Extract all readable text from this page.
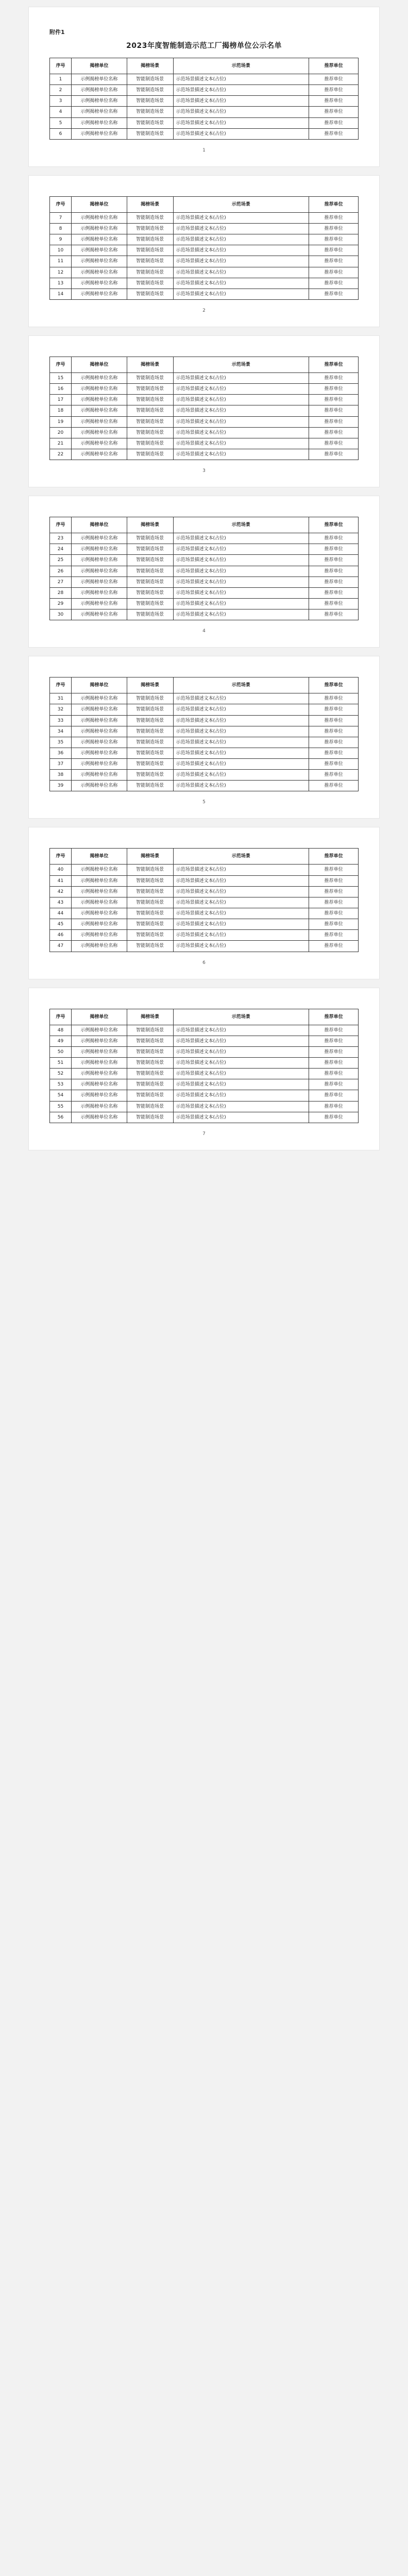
附件1
2023年度智能制造示范工厂揭榜单位公示名单
序号	揭榜单位	揭榜场景	示范场景	推荐单位
1	示例揭榜单位名称	智能制造场景	示范场景描述文本(占位)	推荐单位
2	示例揭榜单位名称	智能制造场景	示范场景描述文本(占位)	推荐单位
3	示例揭榜单位名称	智能制造场景	示范场景描述文本(占位)	推荐单位
4	示例揭榜单位名称	智能制造场景	示范场景描述文本(占位)	推荐单位
5	示例揭榜单位名称	智能制造场景	示范场景描述文本(占位)	推荐单位
6	示例揭榜单位名称	智能制造场景	示范场景描述文本(占位)	推荐单位
1
序号	揭榜单位	揭榜场景	示范场景	推荐单位
7	示例揭榜单位名称	智能制造场景	示范场景描述文本(占位)	推荐单位
8	示例揭榜单位名称	智能制造场景	示范场景描述文本(占位)	推荐单位
9	示例揭榜单位名称	智能制造场景	示范场景描述文本(占位)	推荐单位
10	示例揭榜单位名称	智能制造场景	示范场景描述文本(占位)	推荐单位
11	示例揭榜单位名称	智能制造场景	示范场景描述文本(占位)	推荐单位
12	示例揭榜单位名称	智能制造场景	示范场景描述文本(占位)	推荐单位
13	示例揭榜单位名称	智能制造场景	示范场景描述文本(占位)	推荐单位
14	示例揭榜单位名称	智能制造场景	示范场景描述文本(占位)	推荐单位
2
序号	揭榜单位	揭榜场景	示范场景	推荐单位
15	示例揭榜单位名称	智能制造场景	示范场景描述文本(占位)	推荐单位
16	示例揭榜单位名称	智能制造场景	示范场景描述文本(占位)	推荐单位
17	示例揭榜单位名称	智能制造场景	示范场景描述文本(占位)	推荐单位
18	示例揭榜单位名称	智能制造场景	示范场景描述文本(占位)	推荐单位
19	示例揭榜单位名称	智能制造场景	示范场景描述文本(占位)	推荐单位
20	示例揭榜单位名称	智能制造场景	示范场景描述文本(占位)	推荐单位
21	示例揭榜单位名称	智能制造场景	示范场景描述文本(占位)	推荐单位
22	示例揭榜单位名称	智能制造场景	示范场景描述文本(占位)	推荐单位
3
序号	揭榜单位	揭榜场景	示范场景	推荐单位
23	示例揭榜单位名称	智能制造场景	示范场景描述文本(占位)	推荐单位
24	示例揭榜单位名称	智能制造场景	示范场景描述文本(占位)	推荐单位
25	示例揭榜单位名称	智能制造场景	示范场景描述文本(占位)	推荐单位
26	示例揭榜单位名称	智能制造场景	示范场景描述文本(占位)	推荐单位
27	示例揭榜单位名称	智能制造场景	示范场景描述文本(占位)	推荐单位
28	示例揭榜单位名称	智能制造场景	示范场景描述文本(占位)	推荐单位
29	示例揭榜单位名称	智能制造场景	示范场景描述文本(占位)	推荐单位
30	示例揭榜单位名称	智能制造场景	示范场景描述文本(占位)	推荐单位
4
序号	揭榜单位	揭榜场景	示范场景	推荐单位
31	示例揭榜单位名称	智能制造场景	示范场景描述文本(占位)	推荐单位
32	示例揭榜单位名称	智能制造场景	示范场景描述文本(占位)	推荐单位
33	示例揭榜单位名称	智能制造场景	示范场景描述文本(占位)	推荐单位
34	示例揭榜单位名称	智能制造场景	示范场景描述文本(占位)	推荐单位
35	示例揭榜单位名称	智能制造场景	示范场景描述文本(占位)	推荐单位
36	示例揭榜单位名称	智能制造场景	示范场景描述文本(占位)	推荐单位
37	示例揭榜单位名称	智能制造场景	示范场景描述文本(占位)	推荐单位
38	示例揭榜单位名称	智能制造场景	示范场景描述文本(占位)	推荐单位
39	示例揭榜单位名称	智能制造场景	示范场景描述文本(占位)	推荐单位
5
序号	揭榜单位	揭榜场景	示范场景	推荐单位
40	示例揭榜单位名称	智能制造场景	示范场景描述文本(占位)	推荐单位
41	示例揭榜单位名称	智能制造场景	示范场景描述文本(占位)	推荐单位
42	示例揭榜单位名称	智能制造场景	示范场景描述文本(占位)	推荐单位
43	示例揭榜单位名称	智能制造场景	示范场景描述文本(占位)	推荐单位
44	示例揭榜单位名称	智能制造场景	示范场景描述文本(占位)	推荐单位
45	示例揭榜单位名称	智能制造场景	示范场景描述文本(占位)	推荐单位
46	示例揭榜单位名称	智能制造场景	示范场景描述文本(占位)	推荐单位
47	示例揭榜单位名称	智能制造场景	示范场景描述文本(占位)	推荐单位
6
序号	揭榜单位	揭榜场景	示范场景	推荐单位
48	示例揭榜单位名称	智能制造场景	示范场景描述文本(占位)	推荐单位
49	示例揭榜单位名称	智能制造场景	示范场景描述文本(占位)	推荐单位
50	示例揭榜单位名称	智能制造场景	示范场景描述文本(占位)	推荐单位
51	示例揭榜单位名称	智能制造场景	示范场景描述文本(占位)	推荐单位
52	示例揭榜单位名称	智能制造场景	示范场景描述文本(占位)	推荐单位
53	示例揭榜单位名称	智能制造场景	示范场景描述文本(占位)	推荐单位
54	示例揭榜单位名称	智能制造场景	示范场景描述文本(占位)	推荐单位
55	示例揭榜单位名称	智能制造场景	示范场景描述文本(占位)	推荐单位
56	示例揭榜单位名称	智能制造场景	示范场景描述文本(占位)	推荐单位
7
